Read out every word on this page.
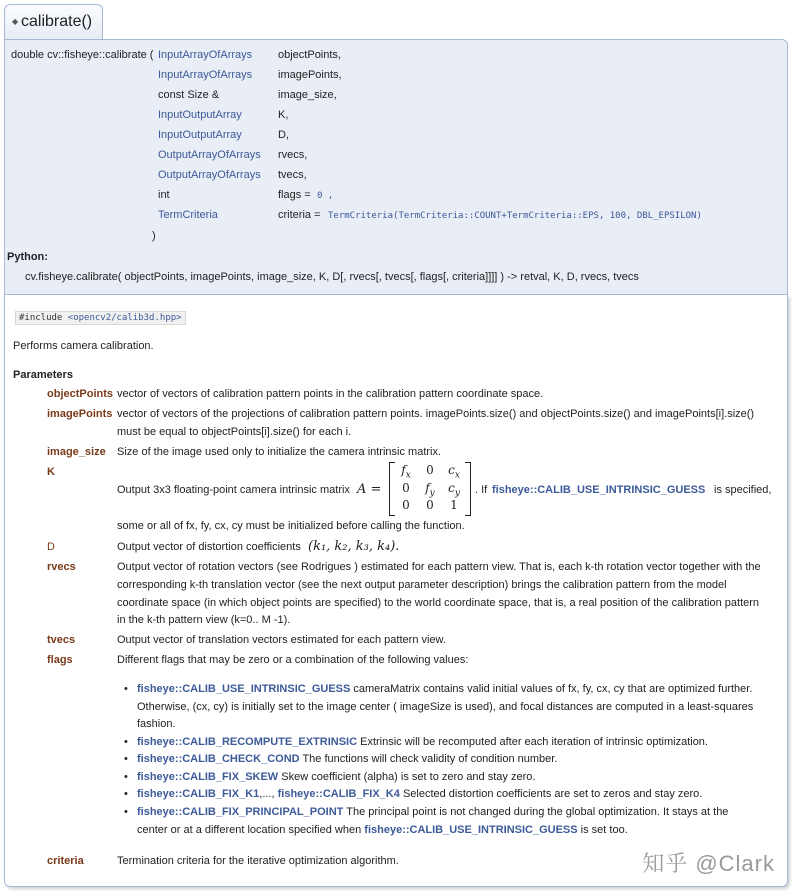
◆ calibrate()
double cv::fisheye::calibrate ( InputArrayOfArrays objectPoints,
InputArrayOfArrays imagePoints,
const Size &	image_size,
InputOutputArray	K,
InputOutputArray	D,
OutputArrayOfArrays rvecs,
OutputArrayOfArrays tvecs,
int	flags = 0 ,
TermCriteria	criteria = TermCriteria(TermCriteria::COUNT+TermCriteria::EPS, 100, DBL_EPSILON)
)
Python:
cv.fisheye.calibrate( objectPoints, imagePoints, image_size, K, D[, rvecs[, tvecs[, flags[, criteria]]]] ) -> retval, K, D, rvecs, tvecs
#include <opencv2/calib3d.hpp>
Performs camera calibration.
Parameters
objectPoints vector of vectors of calibration pattern points in the calibration pattern coordinate space.
imagePoints vector of vectors of the projections of calibration pattern points. imagePoints.size() and objectPoints.size() and imagePoints[i].size()
must be equal to objectPoints[i].size() for each i.
image_size Size of the image used only to initialize the camera intrinsic matrix.
K
Output 3x3 floating-point camera intrinsic matrix A =
$f_x$	0	$c_x$
0	$f_y$	$c_y$
0	0	1
. If fisheye::CALIB_USE_INTRINSIC_GUESS is specified,
some or all of fx, fy, cx, cy must be initialized before calling the function.
D	Output vector of distortion coefficients (k₁, k₂, k₃, k₄).
rvecs	Output vector of rotation vectors (see Rodrigues ) estimated for each pattern view. That is, each k-th rotation vector together with the
corresponding k-th translation vector (see the next output parameter description) brings the calibration pattern from the model
coordinate space (in which object points are specified) to the world coordinate space, that is, a real position of the calibration pattern
in the k-th pattern view (k=0.. M -1).
tvecs	Output vector of translation vectors estimated for each pattern view.
flags	Different flags that may be zero or a combination of the following values:
• fisheye::CALIB_USE_INTRINSIC_GUESS cameraMatrix contains valid initial values of fx, fy, cx, cy that are optimized further.
Otherwise, (cx, cy) is initially set to the image center ( imageSize is used), and focal distances are computed in a least-squares
fashion.
• fisheye::CALIB_RECOMPUTE_EXTRINSIC Extrinsic will be recomputed after each iteration of intrinsic optimization.
• fisheye::CALIB_CHECK_COND The functions will check validity of condition number.
• fisheye::CALIB_FIX_SKEW Skew coefficient (alpha) is set to zero and stay zero.
• fisheye::CALIB_FIX_K1,..., fisheye::CALIB_FIX_K4 Selected distortion coefficients are set to zeros and stay zero.
• fisheye::CALIB_FIX_PRINCIPAL_POINT The principal point is not changed during the global optimization. It stays at the
center or at a different location specified when fisheye::CALIB_USE_INTRINSIC_GUESS is set too.
criteria	Termination criteria for the iterative optimization algorithm.	知乎 @Clark
